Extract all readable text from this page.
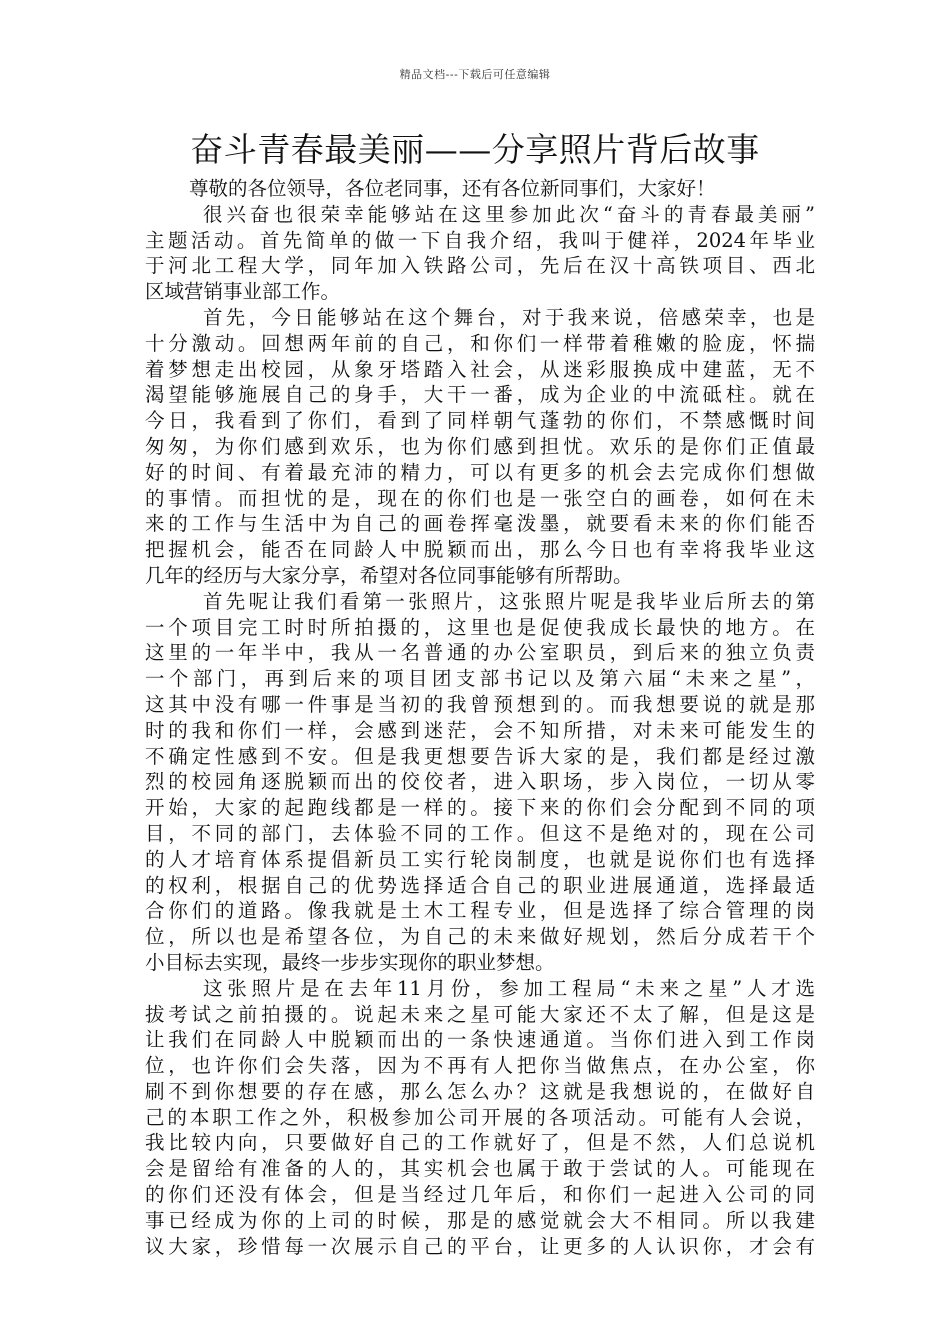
精品文档---下载后可任意编辑
奋斗青春最美丽——分享照片背后故事
尊敬的各位领导，各位老同事，还有各位新同事们，大家好！
很兴奋也很荣幸能够站在这里参加此次“奋斗的青春最美丽”
主题活动。首先简单的做一下自我介绍，我叫于健祥，2024年毕业
于河北工程大学，同年加入铁路公司，先后在汉十高铁项目、西北
区域营销事业部工作。
首先，今日能够站在这个舞台，对于我来说，倍感荣幸，也是
十分激动。回想两年前的自己，和你们一样带着稚嫩的脸庞，怀揣
着梦想走出校园，从象牙塔踏入社会，从迷彩服换成中建蓝，无不
渴望能够施展自己的身手，大干一番，成为企业的中流砥柱。就在
今日，我看到了你们，看到了同样朝气蓬勃的你们，不禁感慨时间
匆匆，为你们感到欢乐，也为你们感到担忧。欢乐的是你们正值最
好的时间、有着最充沛的精力，可以有更多的机会去完成你们想做
的事情。而担忧的是，现在的你们也是一张空白的画卷，如何在未
来的工作与生活中为自己的画卷挥毫泼墨，就要看未来的你们能否
把握机会，能否在同龄人中脱颖而出，那么今日也有幸将我毕业这
几年的经历与大家分享，希望对各位同事能够有所帮助。
首先呢让我们看第一张照片，这张照片呢是我毕业后所去的第
一个项目完工时时所拍摄的，这里也是促使我成长最快的地方。在
这里的一年半中，我从一名普通的办公室职员，到后来的独立负责
一个部门，再到后来的项目团支部书记以及第六届“未来之星”，
这其中没有哪一件事是当初的我曾预想到的。而我想要说的就是那
时的我和你们一样，会感到迷茫，会不知所措，对未来可能发生的
不确定性感到不安。但是我更想要告诉大家的是，我们都是经过激
烈的校园角逐脱颖而出的佼佼者，进入职场，步入岗位，一切从零
开始，大家的起跑线都是一样的。接下来的你们会分配到不同的项
目，不同的部门，去体验不同的工作。但这不是绝对的，现在公司
的人才培育体系提倡新员工实行轮岗制度，也就是说你们也有选择
的权利，根据自己的优势选择适合自己的职业进展通道，选择最适
合你们的道路。像我就是土木工程专业，但是选择了综合管理的岗
位，所以也是希望各位，为自己的未来做好规划，然后分成若干个
小目标去实现，最终一步步实现你的职业梦想。
这张照片是在去年11月份，参加工程局“未来之星”人才选
拔考试之前拍摄的。说起未来之星可能大家还不太了解，但是这是
让我们在同龄人中脱颖而出的一条快速通道。当你们进入到工作岗
位，也许你们会失落，因为不再有人把你当做焦点，在办公室，你
刷不到你想要的存在感，那么怎么办？这就是我想说的，在做好自
己的本职工作之外，积极参加公司开展的各项活动。可能有人会说，
我比较内向，只要做好自己的工作就好了，但是不然，人们总说机
会是留给有准备的人的，其实机会也属于敢于尝试的人。可能现在
的你们还没有体会，但是当经过几年后，和你们一起进入公司的同
事已经成为你的上司的时候，那是的感觉就会大不相同。所以我建
议大家，珍惜每一次展示自己的平台，让更多的人认识你，才会有
